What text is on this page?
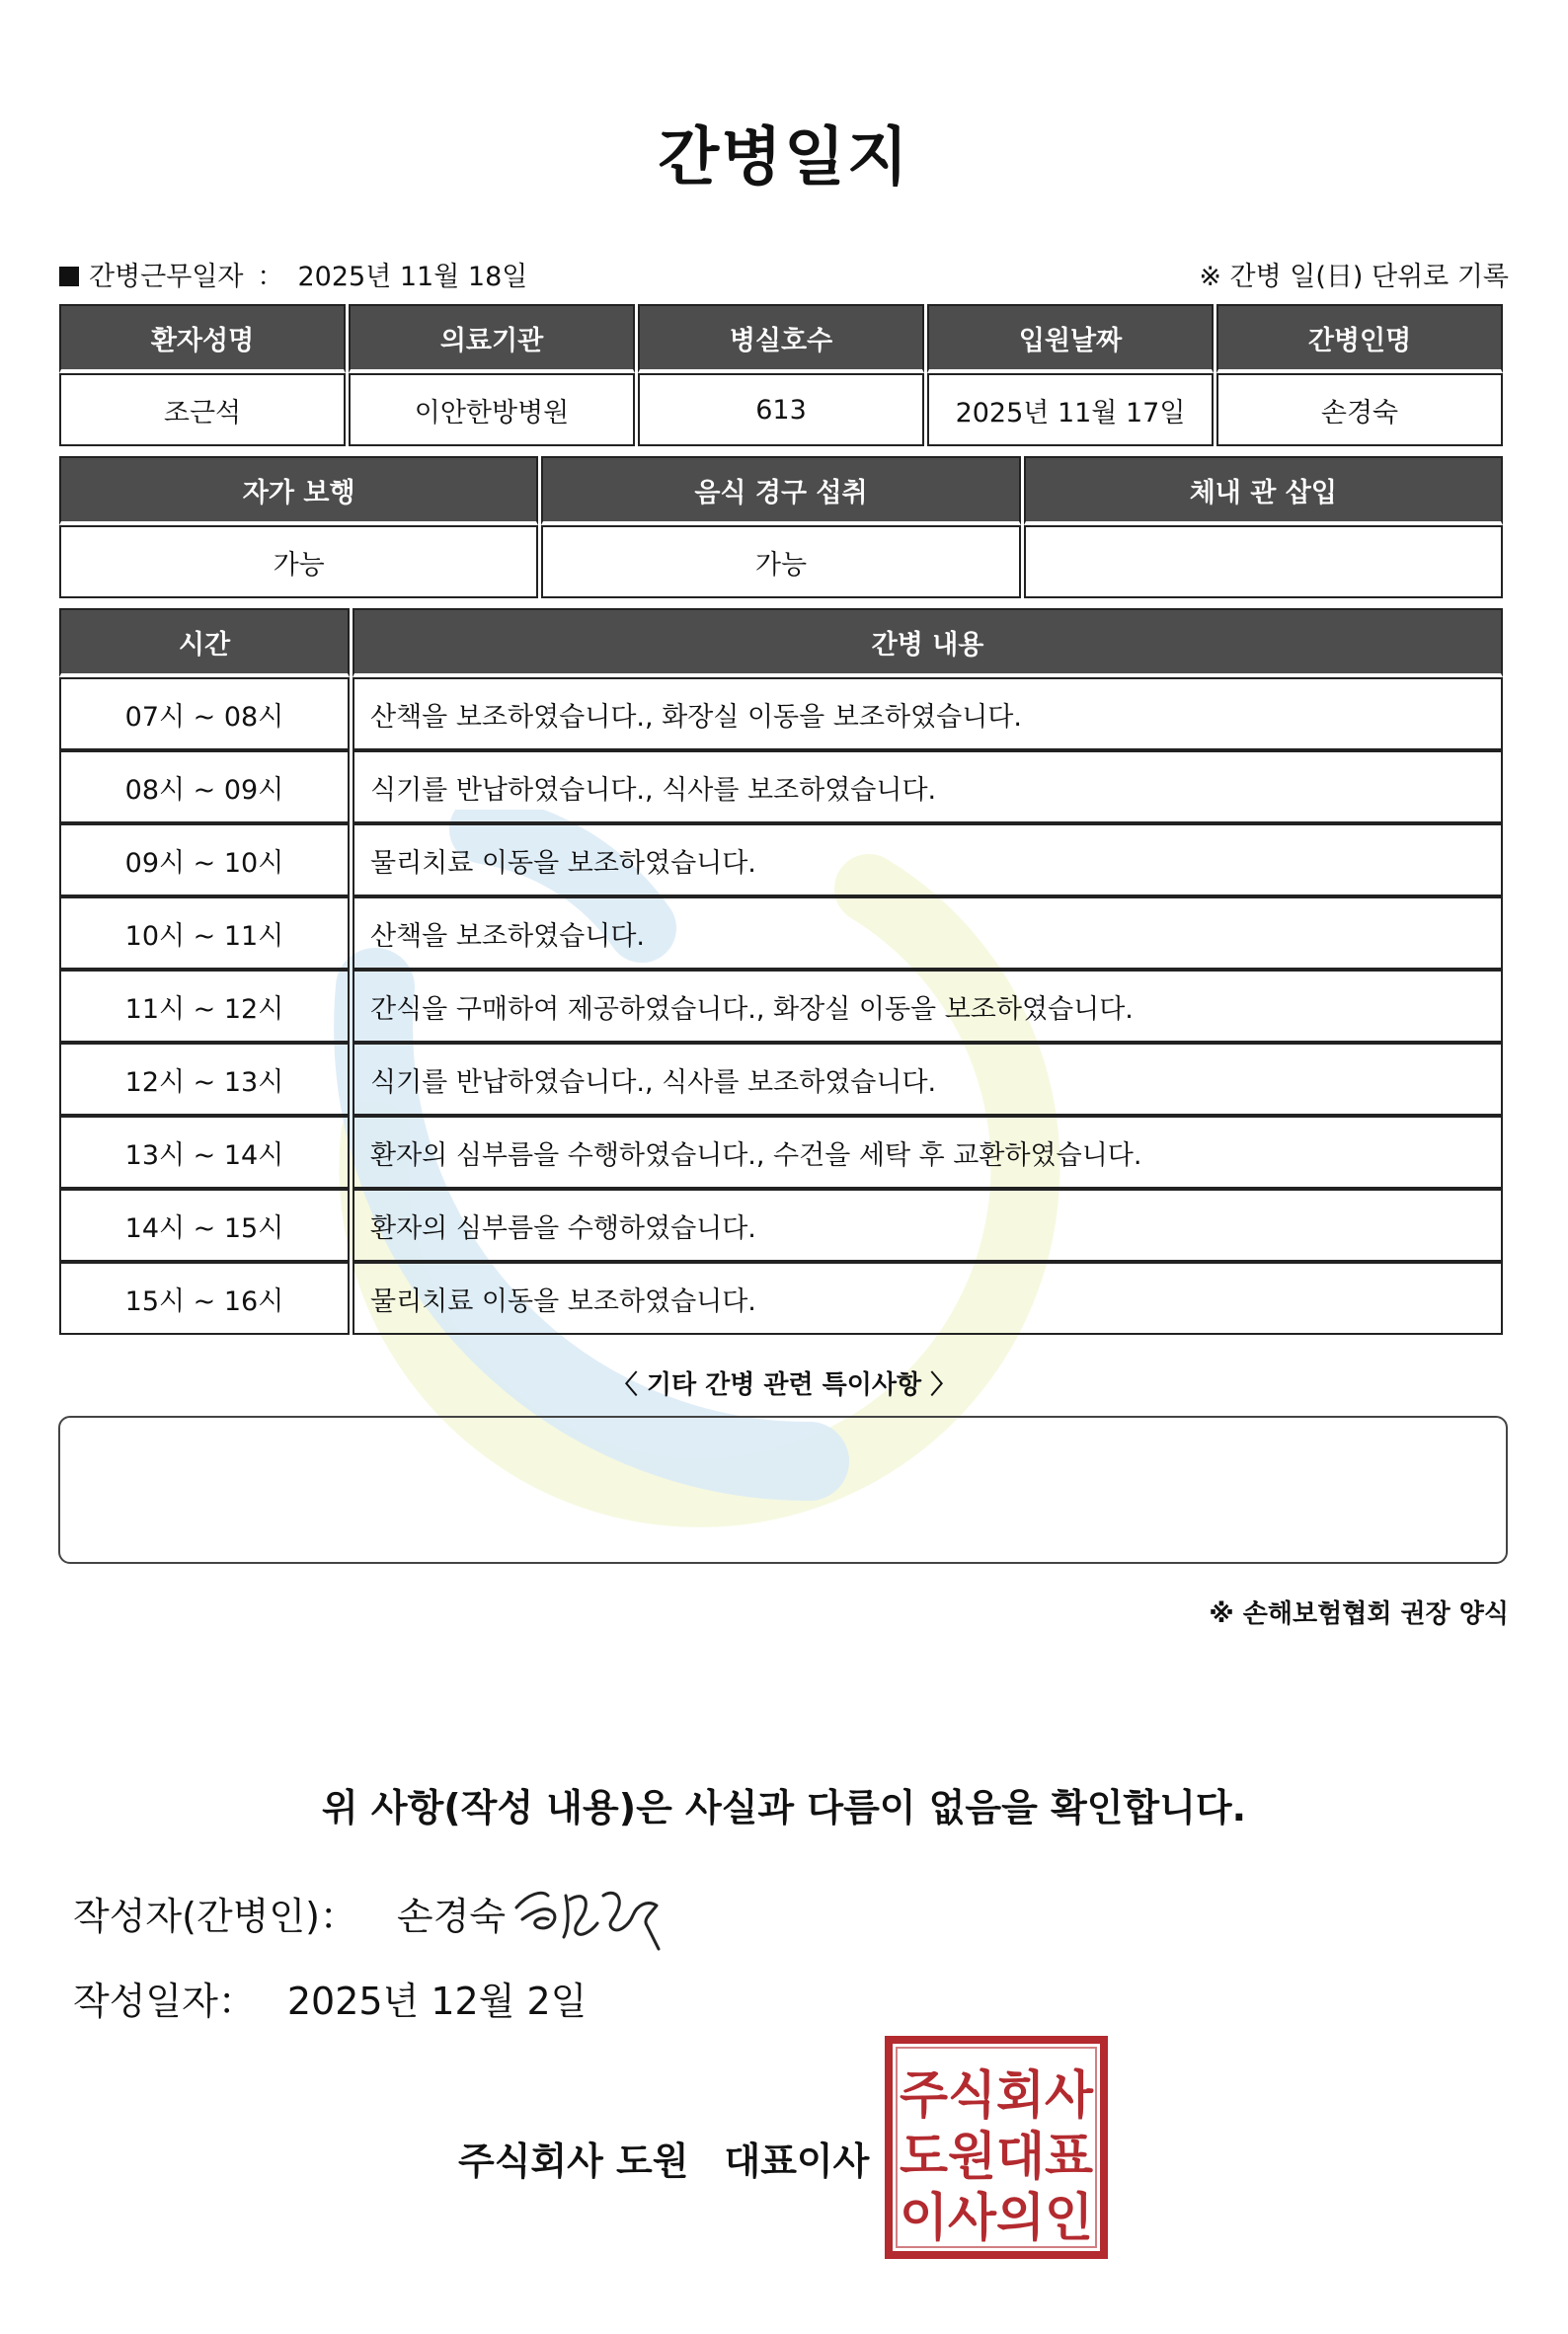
간병일지
간병근무일자 ： 2025년 11월 18일	※ 간병 일(日) 단위로 기록
환자성명	의료기관	병실호수	입원날짜	간병인명
조근석	이안한방병원	613	2025년 11월 17일	손경숙
자가 보행	음식 경구 섭취	체내 관 삽입
가능	가능	
시간	간병 내용
07시 ~ 08시	산책을 보조하였습니다., 화장실 이동을 보조하였습니다.
08시 ~ 09시	식기를 반납하였습니다., 식사를 보조하였습니다.
09시 ~ 10시	물리치료 이동을 보조하였습니다.
10시 ~ 11시	산책을 보조하였습니다.
11시 ~ 12시	간식을 구매하여 제공하였습니다., 화장실 이동을 보조하였습니다.
12시 ~ 13시	식기를 반납하였습니다., 식사를 보조하였습니다.
13시 ~ 14시	환자의 심부름을 수행하였습니다., 수건을 세탁 후 교환하였습니다.
14시 ~ 15시	환자의 심부름을 수행하였습니다.
15시 ~ 16시	물리치료 이동을 보조하였습니다.
〈 기타 간병 관련 특이사항 〉
※ 손해보험협회 권장 양식
위 사항(작성 내용)은 사실과 다름이 없음을 확인합니다.
작성자(간병인)： 손경숙
작성일자： 2025년 12월 2일
주식회사 도원 대표이사
주식회사
도원대표
이사의인
